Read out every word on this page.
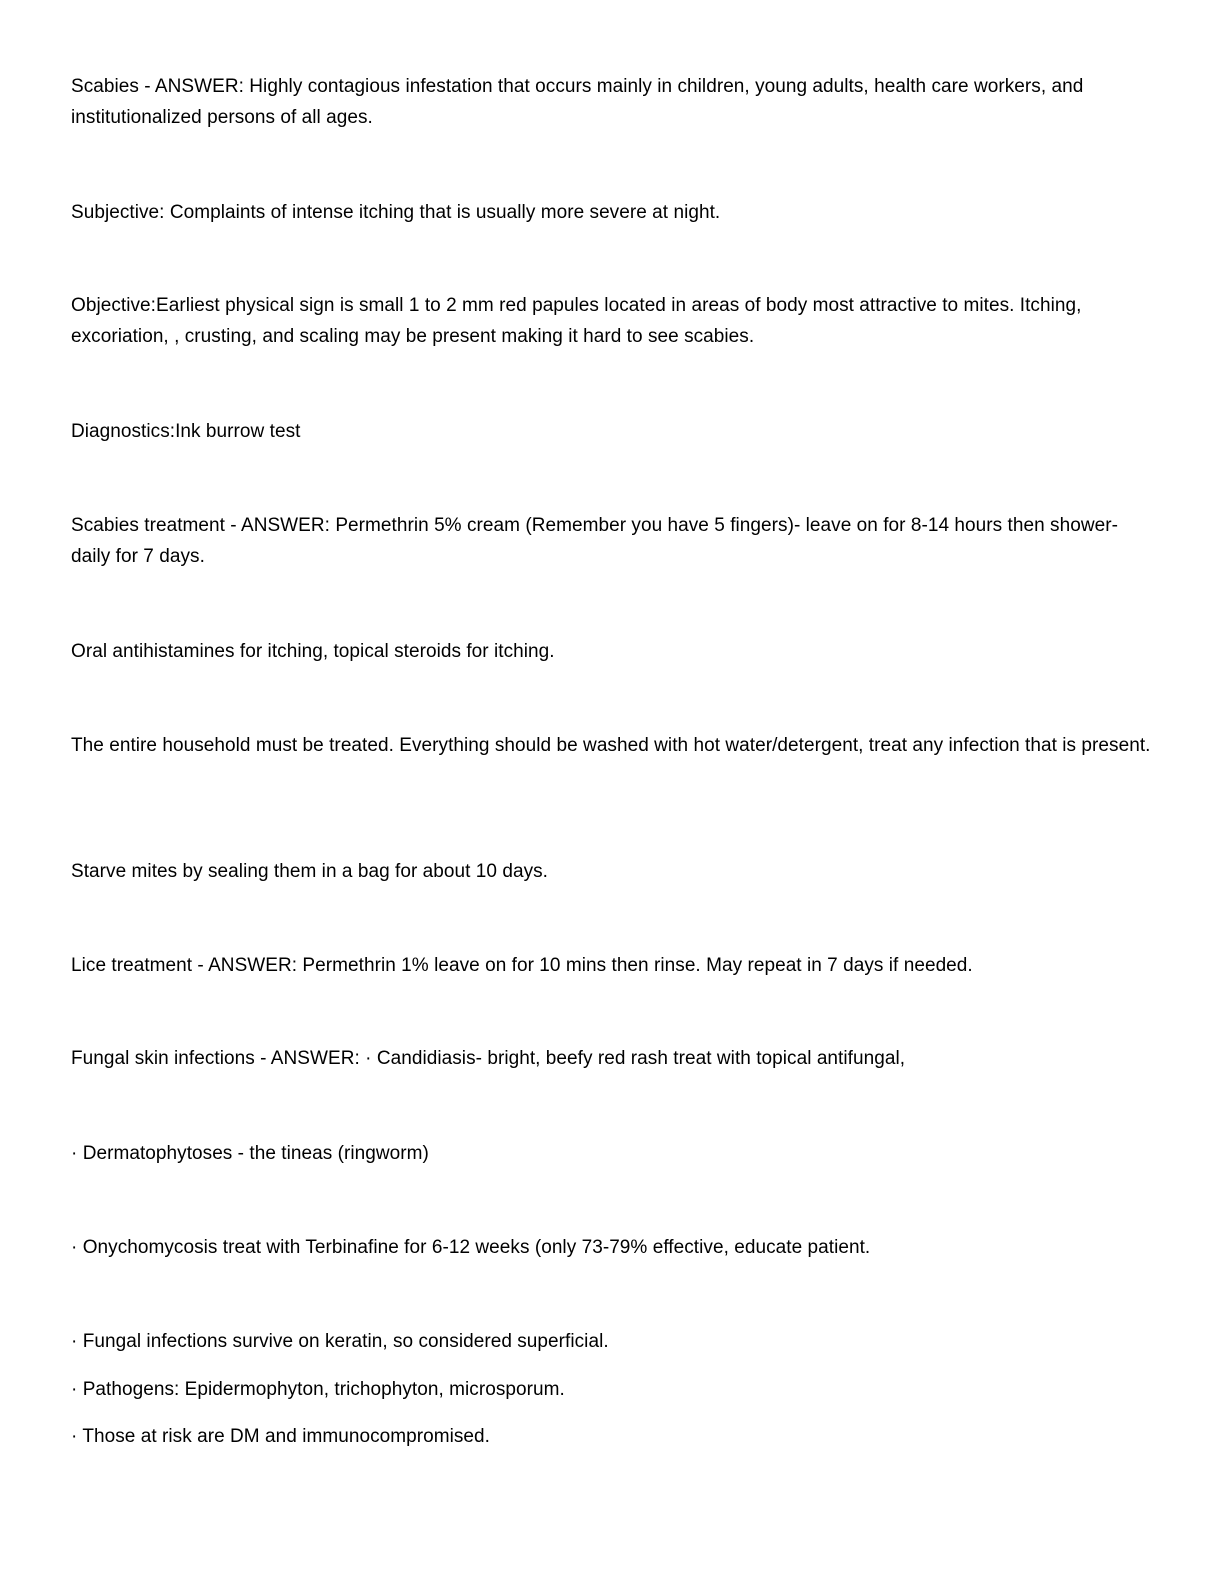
Scabies - ANSWER: Highly contagious infestation that occurs mainly in children, young adults, health care workers, and institutionalized persons of all ages.

Subjective: Complaints of intense itching that is usually more severe at night.

Objective:Earliest physical sign is small 1 to 2 mm red papules located in areas of body most attractive to mites. Itching, excoriation, , crusting, and scaling may be present making it hard to see scabies.

Diagnostics:Ink burrow test

Scabies treatment - ANSWER: Permethrin 5% cream (Remember you have 5 fingers)- leave on for 8-14 hours then shower- daily for 7 days.

Oral antihistamines for itching, topical steroids for itching.

The entire household must be treated. Everything should be washed with hot water/detergent, treat any infection that is present.

Starve mites by sealing them in a bag for about 10 days.

Lice treatment - ANSWER: Permethrin 1% leave on for 10 mins then rinse. May repeat in 7 days if needed.

Fungal skin infections - ANSWER: · Candidiasis- bright, beefy red rash treat with topical antifungal,

· Dermatophytoses - the tineas (ringworm)

· Onychomycosis treat with Terbinafine for 6-12 weeks (only 73-79% effective, educate patient.

· Fungal infections survive on keratin, so considered superficial.

· Pathogens: Epidermophyton, trichophyton, microsporum.

· Those at risk are DM and immunocompromised.
